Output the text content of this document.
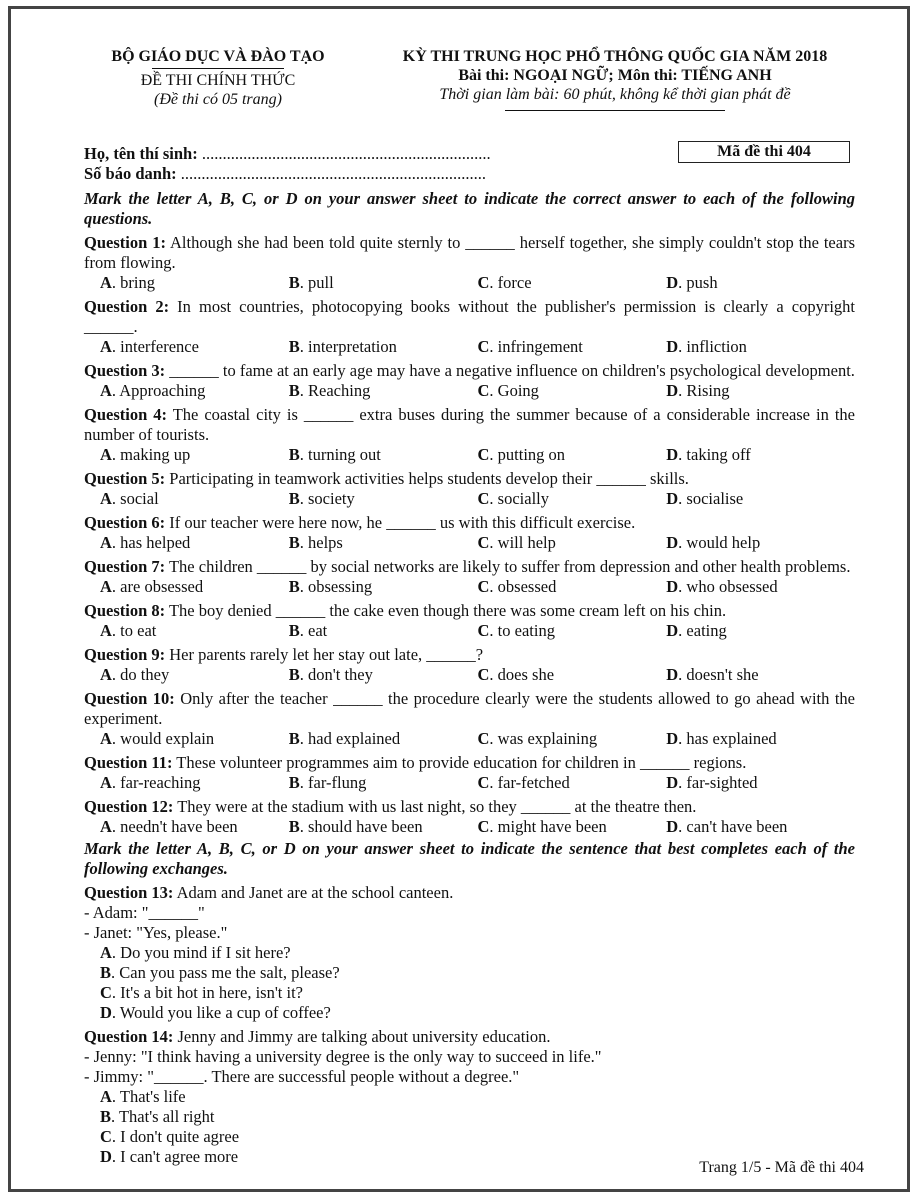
BỘ GIÁO DỤC VÀ ĐÀO TẠO
ĐỀ THI CHÍNH THỨC
(Đề thi có 05 trang)
KỲ THI TRUNG HỌC PHỔ THÔNG QUỐC GIA NĂM 2018
Bài thi: NGOẠI NGỮ; Môn thi: TIẾNG ANH
Thời gian làm bài: 60 phút, không kể thời gian phát đề
Họ, tên thí sinh: ......................................................................
Số báo danh: ..........................................................................
Mã đề thi 404
Mark the letter A, B, C, or D on your answer sheet to indicate the correct answer to each of the following questions.
Question 1: Although she had been told quite sternly to ______ herself together, she simply couldn't stop the tears from flowing.
A. bring	B. pull	C. force	D. push
Question 2: In most countries, photocopying books without the publisher's permission is clearly a copyright ______.
A. interference	B. interpretation	C. infringement	D. infliction
Question 3: ______ to fame at an early age may have a negative influence on children's psychological development.
A. Approaching	B. Reaching	C. Going	D. Rising
Question 4: The coastal city is ______ extra buses during the summer because of a considerable increase in the number of tourists.
A. making up	B. turning out	C. putting on	D. taking off
Question 5: Participating in teamwork activities helps students develop their ______ skills.
A. social	B. society	C. socially	D. socialise
Question 6: If our teacher were here now, he ______ us with this difficult exercise.
A. has helped	B. helps	C. will help	D. would help
Question 7: The children ______ by social networks are likely to suffer from depression and other health problems.
A. are obsessed	B. obsessing	C. obsessed	D. who obsessed
Question 8: The boy denied ______ the cake even though there was some cream left on his chin.
A. to eat	B. eat	C. to eating	D. eating
Question 9: Her parents rarely let her stay out late, ______?
A. do they	B. don't they	C. does she	D. doesn't she
Question 10: Only after the teacher ______ the procedure clearly were the students allowed to go ahead with the experiment.
A. would explain	B. had explained	C. was explaining	D. has explained
Question 11: These volunteer programmes aim to provide education for children in ______ regions.
A. far-reaching	B. far-flung	C. far-fetched	D. far-sighted
Question 12: They were at the stadium with us last night, so they ______ at the theatre then.
A. needn't have been	B. should have been	C. might have been	D. can't have been
Mark the letter A, B, C, or D on your answer sheet to indicate the sentence that best completes each of the following exchanges.
Question 13: Adam and Janet are at the school canteen.
- Adam: "______"
- Janet: "Yes, please."
A. Do you mind if I sit here?
B. Can you pass me the salt, please?
C. It's a bit hot in here, isn't it?
D. Would you like a cup of coffee?
Question 14: Jenny and Jimmy are talking about university education.
- Jenny: "I think having a university degree is the only way to succeed in life."
- Jimmy: "______. There are successful people without a degree."
A. That's life
B. That's all right
C. I don't quite agree
D. I can't agree more
Trang 1/5 - Mã đề thi 404
